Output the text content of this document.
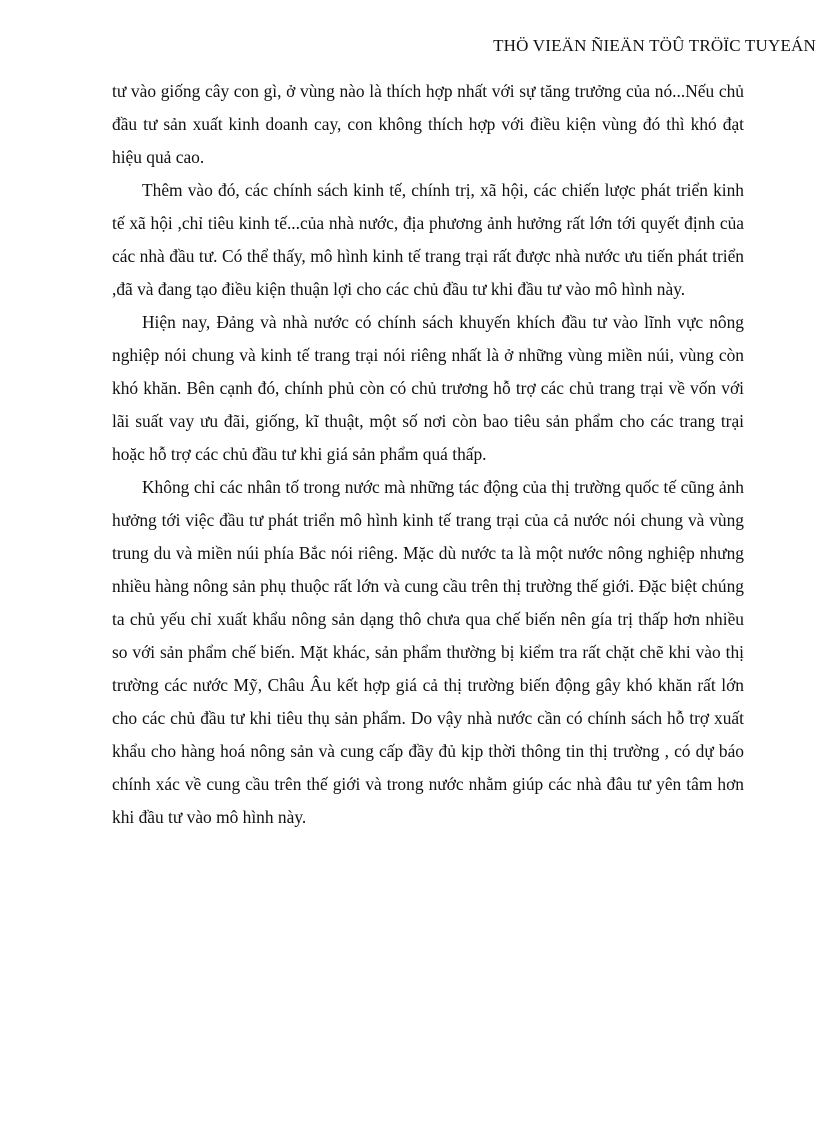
THÖ VIEÄN ÑIEÄN TÖÛ TRÖÏC TUYEÁN

tư vào giống cây con gì, ở vùng nào là thích hợp nhất với sự tăng trưởng của nó...Nếu chủ đầu tư sản xuất kinh doanh cay, con không thích hợp với điều kiện vùng đó thì khó đạt hiệu quả cao.

Thêm vào đó, các chính sách kinh tế, chính trị, xã hội, các chiến lược phát triển kinh tế xã hội ,chỉ tiêu kinh tế...của nhà nước, địa phương ảnh hưởng rất lớn tới quyết định của các nhà đầu tư. Có thể thấy, mô hình kinh tế trang trại rất được nhà nước ưu tiến phát triển ,đã và đang tạo điều kiện thuận lợi cho các chủ đầu tư khi đầu tư vào mô hình này.

Hiện nay, Đảng và nhà nước có chính sách khuyến khích đầu tư vào lĩnh vực nông nghiệp nói chung và kinh tế trang trại nói riêng nhất là ở những vùng miền núi, vùng còn khó khăn. Bên cạnh đó, chính phủ còn có chủ trương hỗ trợ các chủ trang trại về vốn với lãi suất vay ưu đãi, giống, kĩ thuật, một số nơi còn bao tiêu sản phẩm cho các trang trại hoặc hỗ trợ các chủ đầu tư khi giá sản phẩm quá thấp.

Không chỉ các nhân tố trong nước mà những tác động của thị trường quốc tế cũng ảnh hưởng tới việc đầu tư phát triển mô hình kinh tế trang trại của cả nước nói chung và vùng trung du và miền núi phía Bắc nói riêng. Mặc dù nước ta là một nước nông nghiệp nhưng nhiều hàng nông sản phụ thuộc rất lớn và cung cầu trên thị trường thế giới. Đặc biệt chúng ta chủ yếu chỉ xuất khẩu nông sản dạng thô chưa qua chế biến nên gía trị thấp hơn nhiều so với sản phẩm chế biến. Mặt khác, sản phẩm thường bị kiểm tra rất chặt chẽ khi vào thị trường các nước Mỹ, Châu Âu kết hợp giá cả thị trường biến động gây khó khăn rất lớn cho các chủ đầu tư khi tiêu thụ sản phẩm. Do vậy nhà nước cần có chính sách hỗ trợ xuất khẩu cho hàng hoá nông sản và cung cấp đầy đủ kịp thời thông tin thị trường , có dự báo chính xác về cung cầu trên thế giới và trong nước nhằm giúp các nhà đâu tư yên tâm hơn khi đầu tư vào mô hình này.
